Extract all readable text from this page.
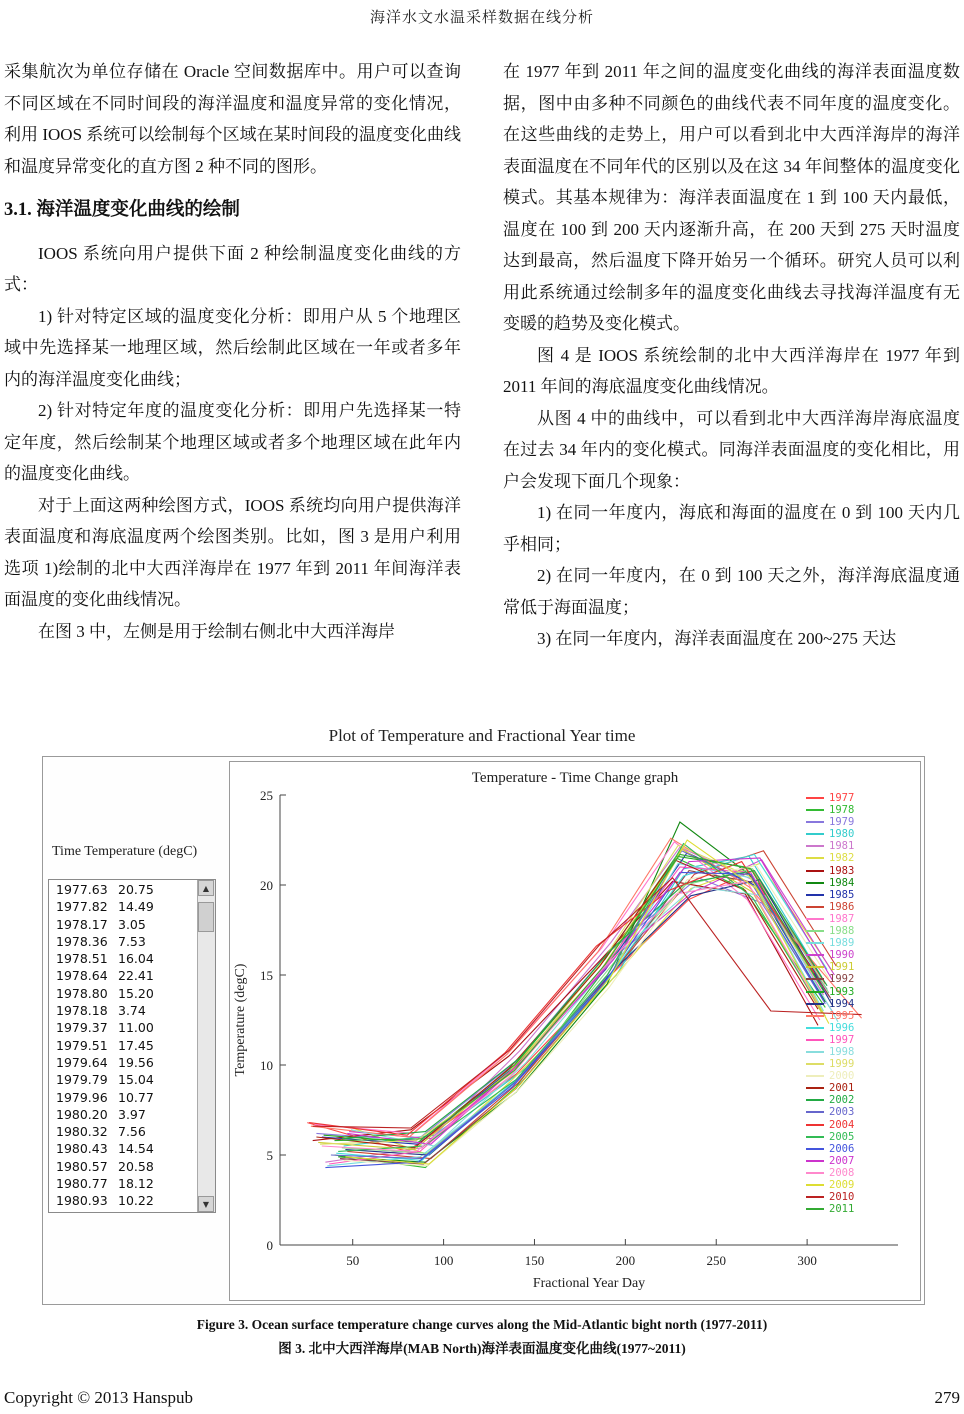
海洋水文水温采样数据在线分析

采集航次为单位存储在 Oracle 空间数据库中。用户可以查询不同区域在不同时间段的海洋温度和温度异常的变化情况，利用 IOOS 系统可以绘制每个区域在某时间段的温度变化曲线和温度异常变化的直方图 2 种不同的图形。

3.1. 海洋温度变化曲线的绘制

IOOS 系统向用户提供下面 2 种绘制温度变化曲线的方式：

1) 针对特定区域的温度变化分析：即用户从 5 个地理区域中先选择某一地理区域，然后绘制此区域在一年或者多年内的海洋温度变化曲线；

2) 针对特定年度的温度变化分析：即用户先选择某一特定年度，然后绘制某个地理区域或者多个地理区域在此年内的温度变化曲线。

对于上面这两种绘图方式，IOOS 系统均向用户提供海洋表面温度和海底温度两个绘图类别。比如，图 3 是用户利用选项 1)绘制的北中大西洋海岸在 1977 年到 2011 年间海洋表面温度的变化曲线情况。

在图 3 中，左侧是用于绘制右侧北中大西洋海岸

在 1977 年到 2011 年之间的温度变化曲线的海洋表面温度数据，图中由多种不同颜色的曲线代表不同年度的温度变化。在这些曲线的走势上，用户可以看到北中大西洋海岸的海洋表面温度在不同年代的区别以及在这 34 年间整体的温度变化模式。其基本规律为：海洋表面温度在 1 到 100 天内最低，温度在 100 到 200 天内逐渐升高，在 200 天到 275 天时温度达到最高，然后温度下降开始另一个循环。研究人员可以利用此系统通过绘制多年的温度变化曲线去寻找海洋温度有无变暖的趋势及变化模式。

图 4 是 IOOS 系统绘制的北中大西洋海岸在 1977 年到 2011 年间的海底温度变化曲线情况。

从图 4 中的曲线中，可以看到北中大西洋海岸海底温度在过去 34 年内的变化模式。同海洋表面温度的变化相比，用户会发现下面几个现象：

1) 在同一年度内，海底和海面的温度在 0 到 100 天内几乎相同；

2) 在同一年度内，在 0 到 100 天之外，海洋海底温度通常低于海面温度；

3) 在同一年度内，海洋表面温度在 200~275 天达

Plot of Temperature and Fractional Year time
Time Temperature (degC)
1977.63 20.75
1977.82 14.49
1978.17 3.05
1978.36 7.53
1978.51 16.04
1978.64 22.41
1978.80 15.20
1978.18 3.74
1979.37 11.00
1979.51 17.45
1979.64 19.56
1979.79 15.04
1979.96 10.77
1980.20 3.97
1980.32 7.56
1980.43 14.54
1980.57 20.58
1980.77 18.12
1980.93 10.22
▲
▼
0
5
10
15
20
25
50	100	150	200	250	300
Fractional Year Day
Temperature (degC)
Temperature - Time Change graph
1977
1978
1979
1980
1981
1982
1983
1984
1985
1986
1987
1988
1989
1990
1991
1992
1993
1994
1995
1996
1997
1998
1999
2000
2001
2002
2003
2004
2005
2006
2007
2008
2009
2010
2011
Figure 3. Ocean surface temperature change curves along the Mid-Atlantic bight north (1977-2011)
图 3. 北中大西洋海岸(MAB North)海洋表面温度变化曲线(1977~2011)
Copyright © 2013 Hanspub	279
